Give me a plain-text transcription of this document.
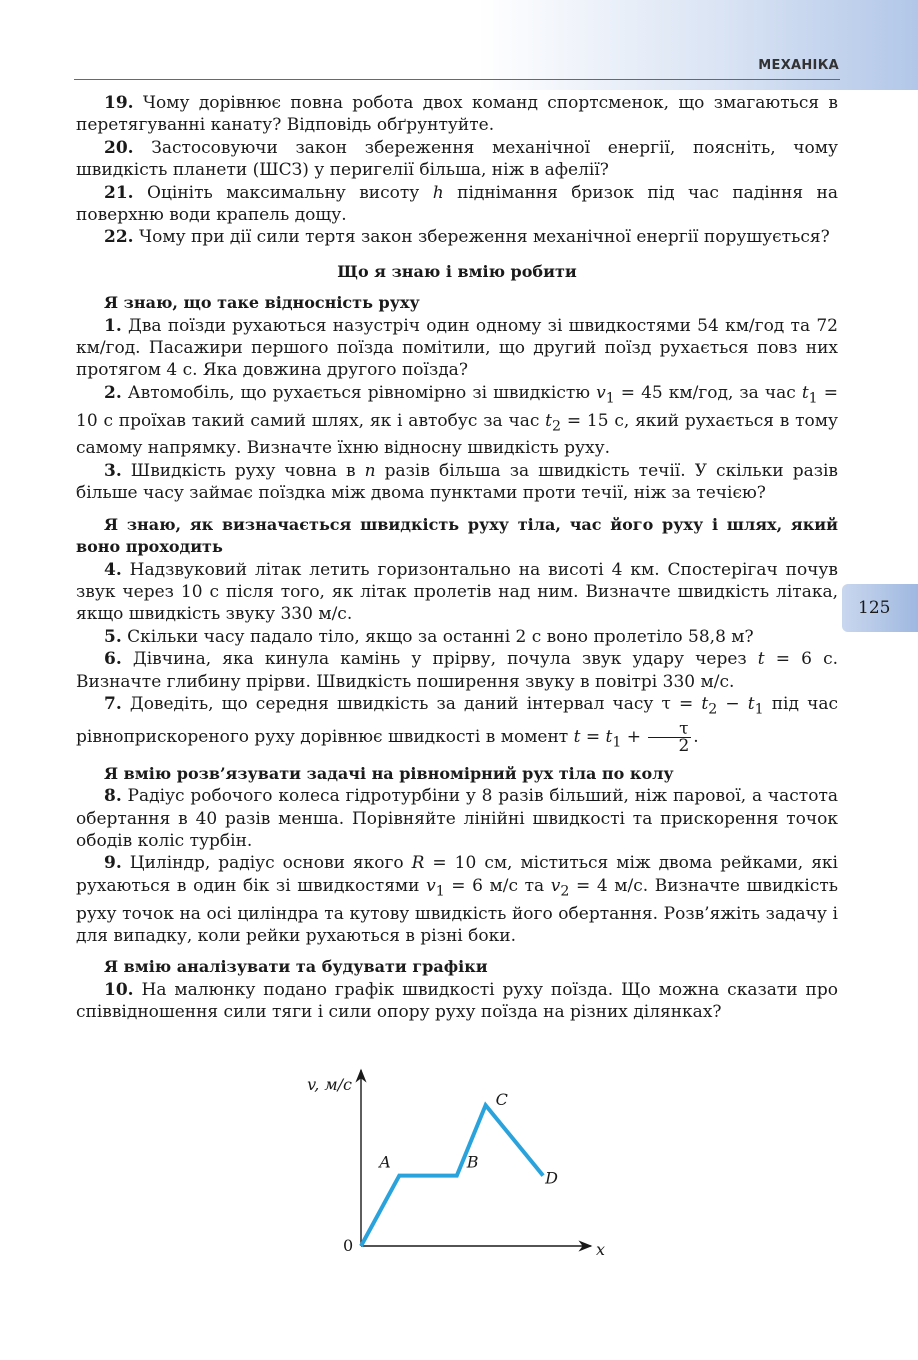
МЕХАНІКА
125

19. Чому дорівнює повна робота двох команд спортсменок, що змагаються в перетягуванні канату? Відповідь обґрунтуйте.

20. Застосовуючи закон збереження механічної енергії, поясніть, чому швидкість планети (ШСЗ) у перигелії більша, ніж в афелії?

21. Оцініть максимальну висоту h піднімання бризок під час падіння на поверхню води крапель дощу.

22. Чому при дії сили тертя закон збереження механічної енергії порушується?

Що я знаю і вмію робити
Я знаю, що таке відносність руху

1. Два поїзди рухаються назустріч один одному зі швидкостями 54 км/год та 72 км/год. Пасажири першого поїзда помітили, що другий поїзд рухається повз них протягом 4 с. Яка довжина другого поїзда?

2. Автомобіль, що рухається рівномірно зі швидкістю $v_1 = 45$ км/год, за час $t_1 = 10$ с проїхав такий самий шлях, як і автобус за час $t_2 = 15$ с, який рухається в тому самому напрямку. Визначте їхню відносну швидкість руху.

3. Швидкість руху човна в n разів більша за швидкість течії. У скільки разів більше часу займає поїздка між двома пунктами проти течії, ніж за течією?

Я знаю, як визначається швидкість руху тіла, час його руху і шлях, який воно проходить

4. Надзвуковий літак летить горизонтально на висоті 4 км. Спостерігач почув звук через 10 с після того, як літак пролетів над ним. Визначте швидкість літака, якщо швидкість звуку 330 м/с.

5. Скільки часу падало тіло, якщо за останні 2 с воно пролетіло 58,8 м?

6. Дівчина, яка кинула камінь у прірву, почула звук удару через t = 6 с. Визначте глибину прірви. Швидкість поширення звуку в повітрі 330 м/с.

7. Доведіть, що середня швидкість за даний інтервал часу $\tau = t_2 - t_1$ під час рівноприскореного руху дорівнює швидкості в момент $t = t_1 + \frac{\tau}{2}$ .

Я вмію розв’язувати задачі на рівномірний рух тіла по колу

8. Радіус робочого колеса гідротурбіни у 8 разів більший, ніж парової, а частота обертання в 40 разів менша. Порівняйте лінійні швидкості та прискорення точок ободів коліс турбін.

9. Циліндр, радіус основи якого R = 10 см, міститься між двома рейками, які рухаються в один бік зі швидкостями $v_1 = 6$ м/с та $v_2 = 4$ м/с. Визначте швидкість руху точок на осі циліндра та кутову швидкість його обертання. Розв’яжіть задачу і для випадку, коли рейки рухаються в різні боки.

Я вмію аналізувати та будувати графіки

10. На малюнку подано графік швидкості руху поїзда. Що можна сказати про співвідношення сили тяги і сили опору руху поїзда на різних ділянках?

v, м/с
x
0
A	B
C
D
